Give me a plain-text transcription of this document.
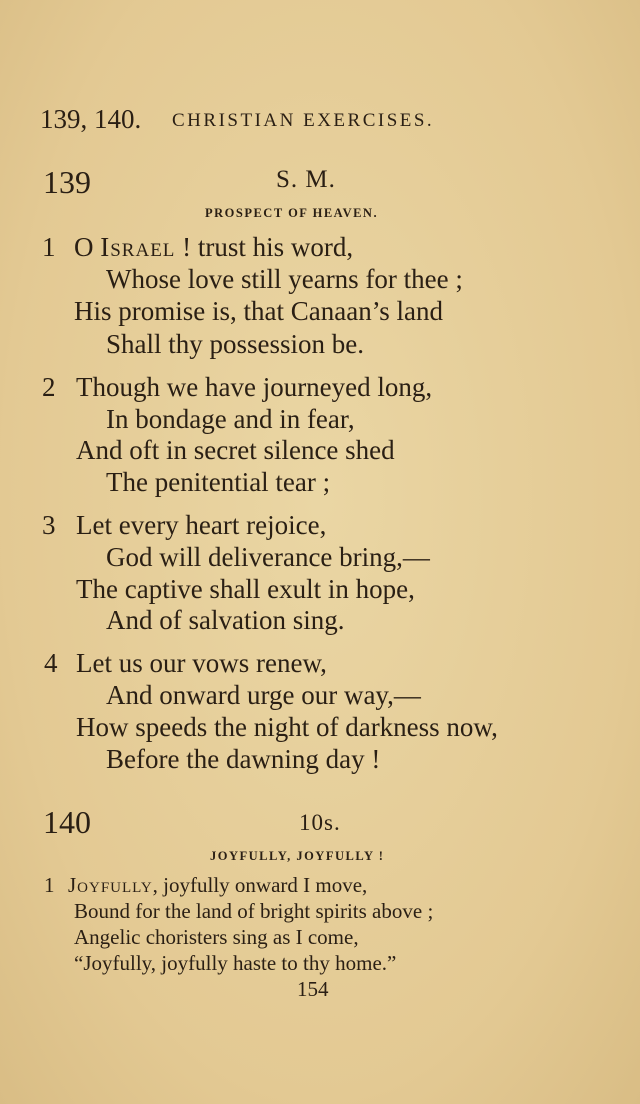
139, 140. CHRISTIAN EXERCISES.
139	S. M.
PROSPECT OF HEAVEN.
1 O Israel ! trust his word,
Whose love still yearns for thee ;
His promise is, that Canaan’s land
Shall thy possession be.
2 Though we have journeyed long,
In bondage and in fear,
And oft in secret silence shed
The penitential tear ;
3 Let every heart rejoice,
God will deliverance bring,—
The captive shall exult in hope,
And of salvation sing.
4 Let us our vows renew,
And onward urge our way,—
How speeds the night of darkness now,
Before the dawning day !
140	10s.
JOYFULLY, JOYFULLY !
1 Joyfully, joyfully onward I move,
Bound for the land of bright spirits above ;
Angelic choristers sing as I come,
“Joyfully, joyfully haste to thy home.”
154
